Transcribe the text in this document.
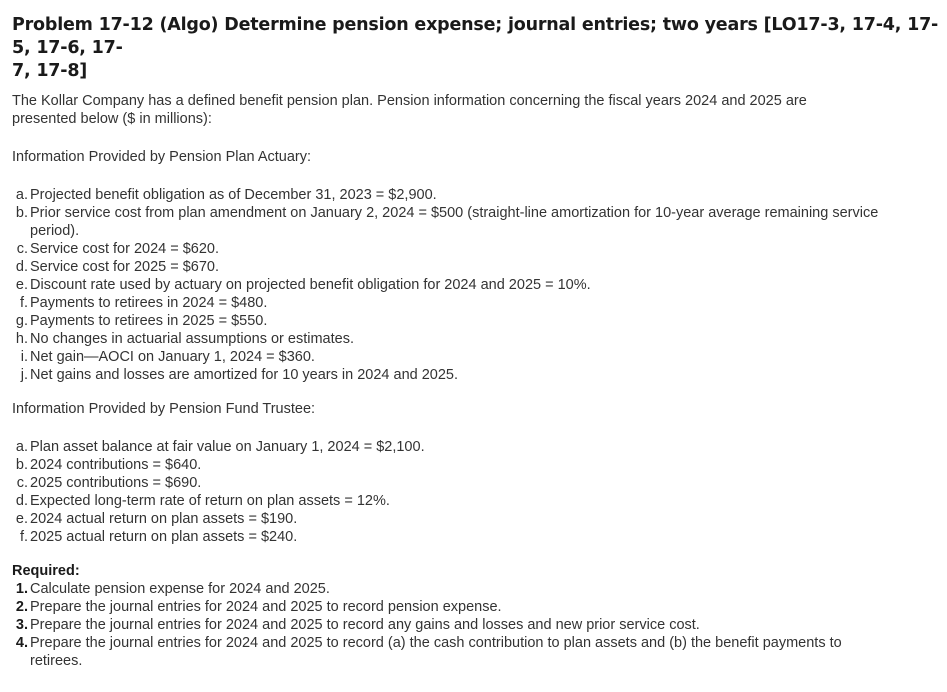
Problem 17-12 (Algo) Determine pension expense; journal entries; two years [LO17-3, 17-4, 17-5, 17-6, 17-
7, 17-8]
The Kollar Company has a defined benefit pension plan. Pension information concerning the fiscal years 2024 and 2025 are
presented below ($ in millions):
Information Provided by Pension Plan Actuary:
a. Projected benefit obligation as of December 31, 2023 = $2,900.
b. Prior service cost from plan amendment on January 2, 2024 = $500 (straight-line amortization for 10-year average remaining service
period).
c. Service cost for 2024 = $620.
d. Service cost for 2025 = $670.
e. Discount rate used by actuary on projected benefit obligation for 2024 and 2025 = 10%.
f. Payments to retirees in 2024 = $480.
g. Payments to retirees in 2025 = $550.
h. No changes in actuarial assumptions or estimates.
i. Net gain—AOCI on January 1, 2024 = $360.
j. Net gains and losses are amortized for 10 years in 2024 and 2025.
Information Provided by Pension Fund Trustee:
a. Plan asset balance at fair value on January 1, 2024 = $2,100.
b. 2024 contributions = $640.
c. 2025 contributions = $690.
d. Expected long-term rate of return on plan assets = 12%.
e. 2024 actual return on plan assets = $190.
f. 2025 actual return on plan assets = $240.
Required:
1. Calculate pension expense for 2024 and 2025.
2. Prepare the journal entries for 2024 and 2025 to record pension expense.
3. Prepare the journal entries for 2024 and 2025 to record any gains and losses and new prior service cost.
4. Prepare the journal entries for 2024 and 2025 to record (a) the cash contribution to plan assets and (b) the benefit payments to
retirees.
